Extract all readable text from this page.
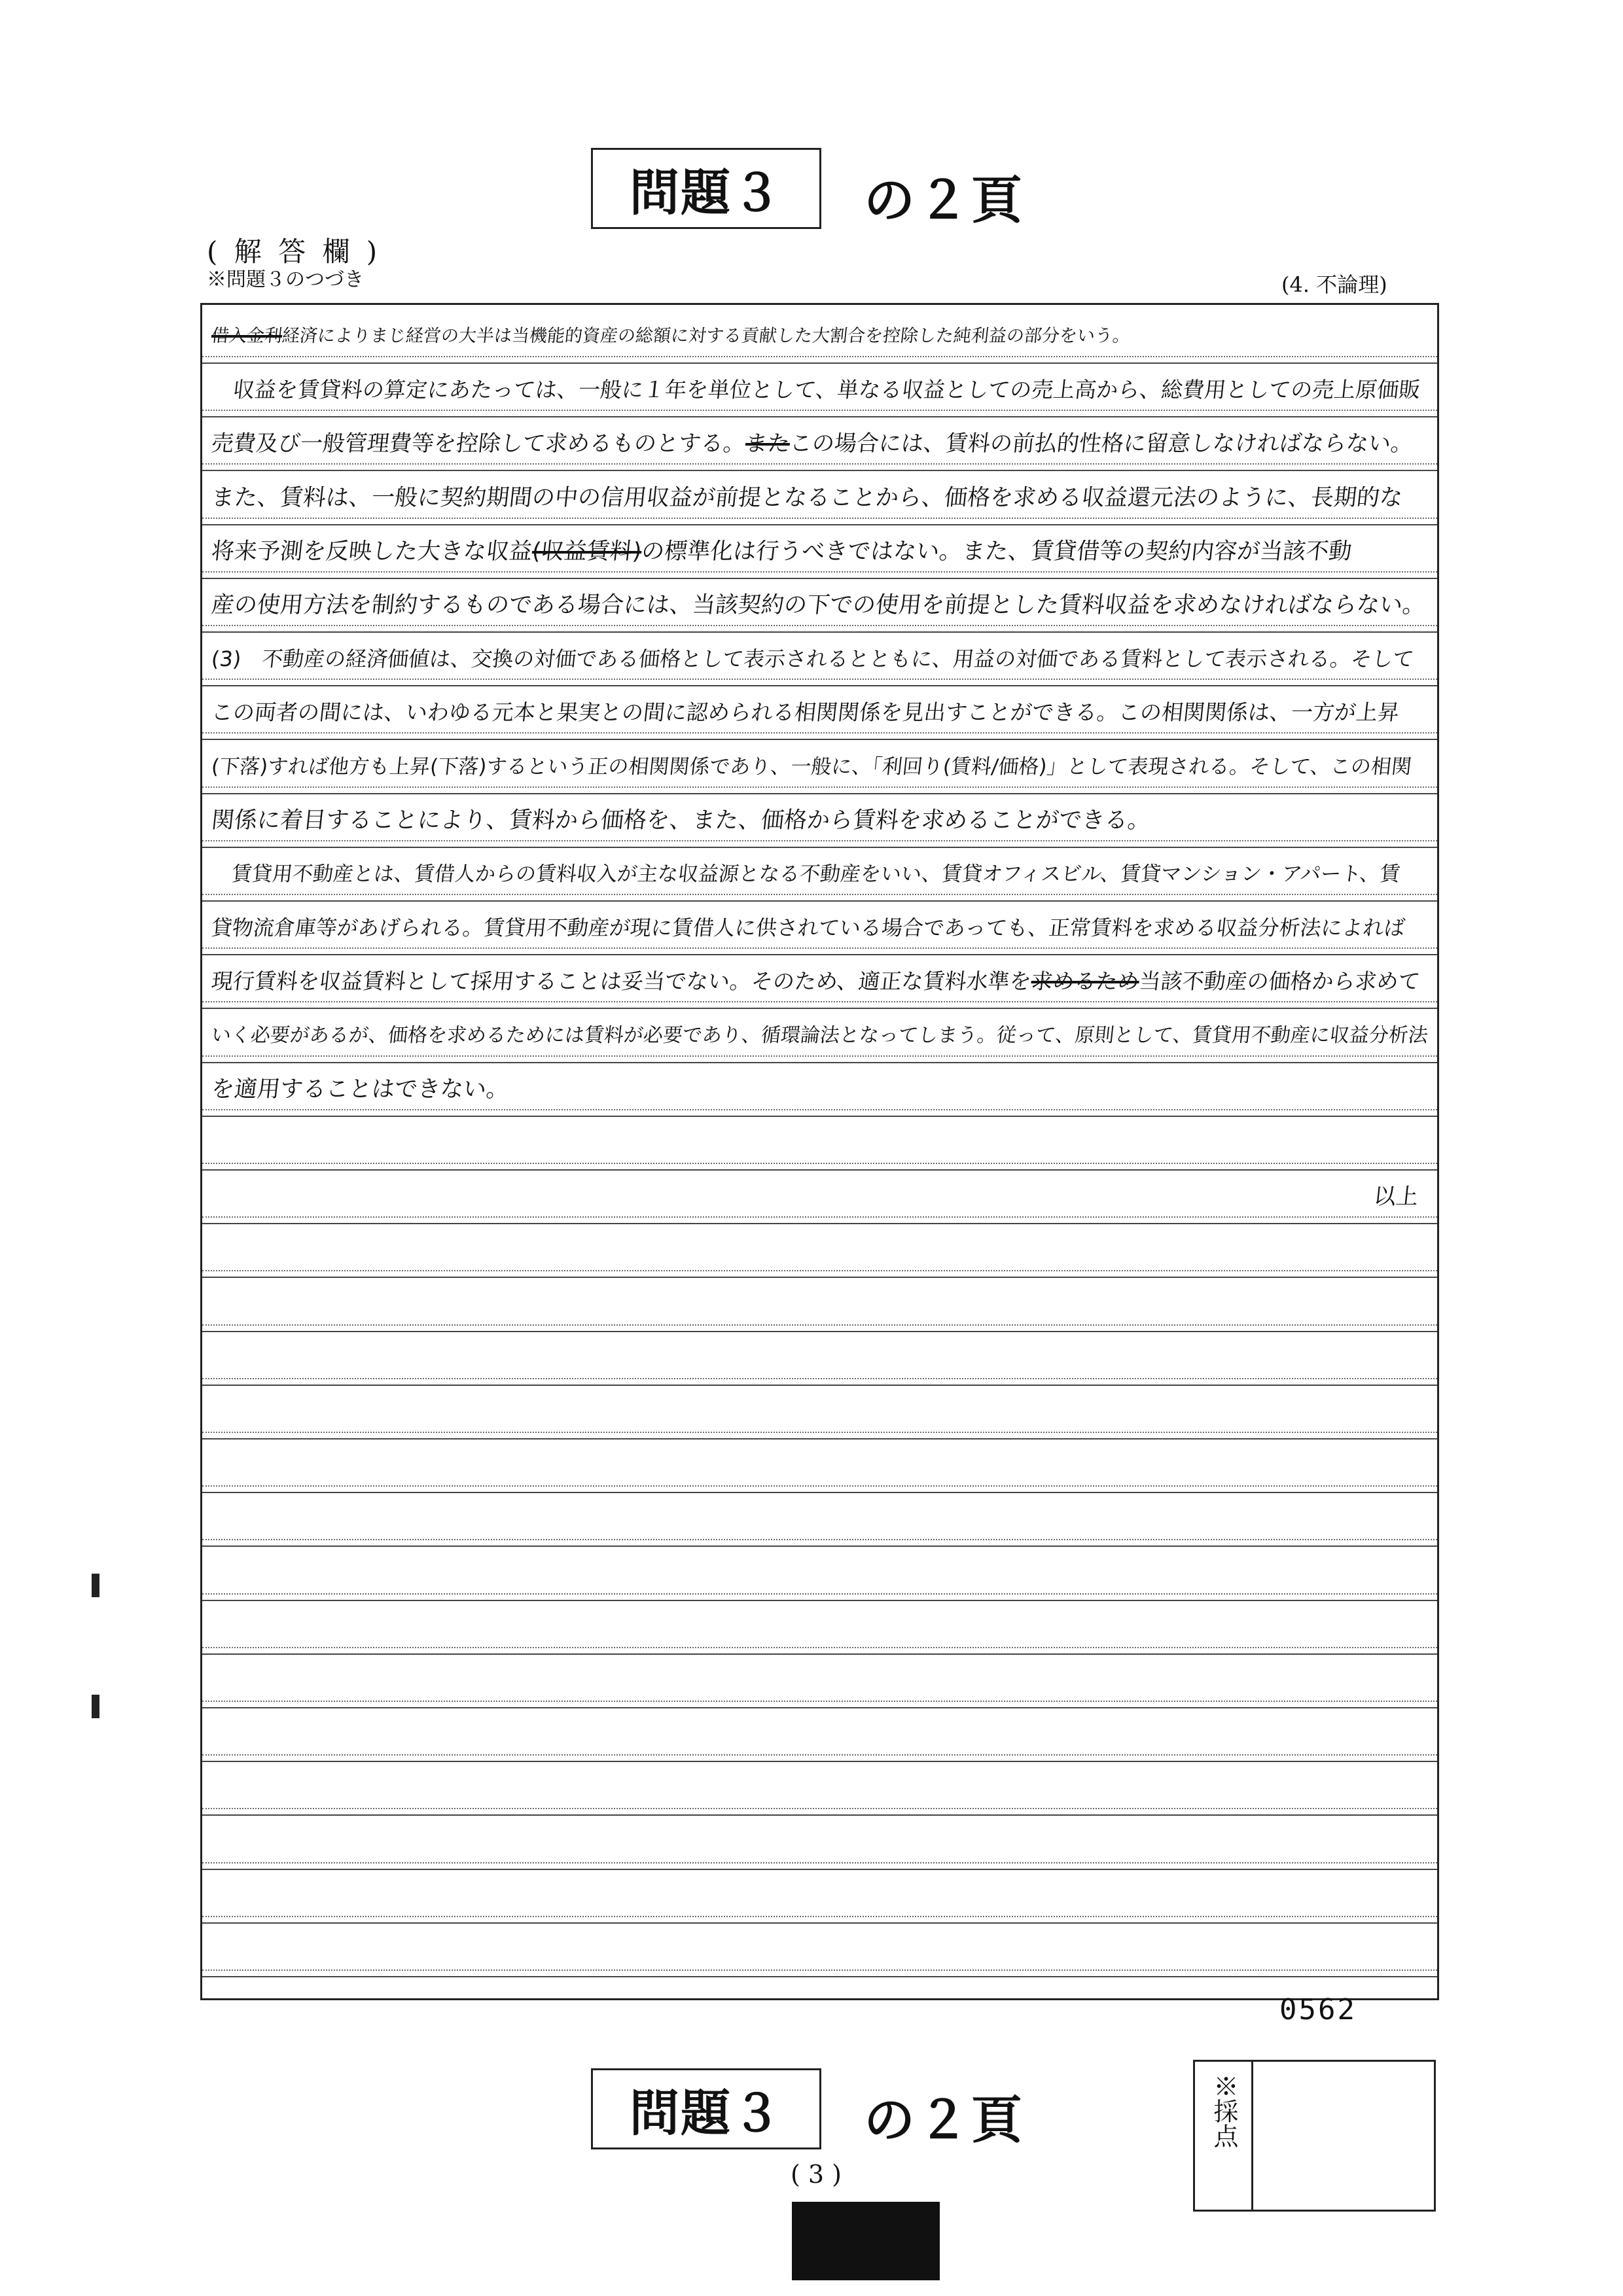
問題３ の２頁
( 解 答 欄 )
※問題３のつづき	(4. 不論理)
借入金利経済によりまじ経営の大半は当機能的資産の総額に対する貢献した大割合を控除した純利益の部分をいう。
　収益を賃貸料の算定にあたっては、一般に１年を単位として、単なる収益としての売上高から、総費用としての売上原価販
売費及び一般管理費等を控除して求めるものとする。またこの場合には、賃料の前払的性格に留意しなければならない。
また、賃料は、一般に契約期間の中の信用収益が前提となることから、価格を求める収益還元法のように、長期的な
将来予測を反映した大きな収益(収益賃料)の標準化は行うべきではない。また、賃貸借等の契約内容が当該不動
産の使用方法を制約するものである場合には、当該契約の下での使用を前提とした賃料収益を求めなければならない。
(3)　不動産の経済価値は、交換の対価である価格として表示されるとともに、用益の対価である賃料として表示される。そして
この両者の間には、いわゆる元本と果実との間に認められる相関関係を見出すことができる。この相関関係は、一方が上昇
(下落)すれば他方も上昇(下落)するという正の相関関係であり、一般に、「利回り(賃料/価格)」として表現される。そして、この相関
関係に着目することにより、賃料から価格を、また、価格から賃料を求めることができる。
　賃貸用不動産とは、賃借人からの賃料収入が主な収益源となる不動産をいい、賃貸オフィスビル、賃貸マンション・アパート、賃
貸物流倉庫等があげられる。賃貸用不動産が現に賃借人に供されている場合であっても、正常賃料を求める収益分析法によれば
現行賃料を収益賃料として採用することは妥当でない。そのため、適正な賃料水準を求めるため当該不動産の価格から求めて
いく必要があるが、価格を求めるためには賃料が必要であり、循環論法となってしまう。従って、原則として、賃貸用不動産に収益分析法
を適用することはできない。
以上
0562
問題３ の２頁	※採点
( 3 )
